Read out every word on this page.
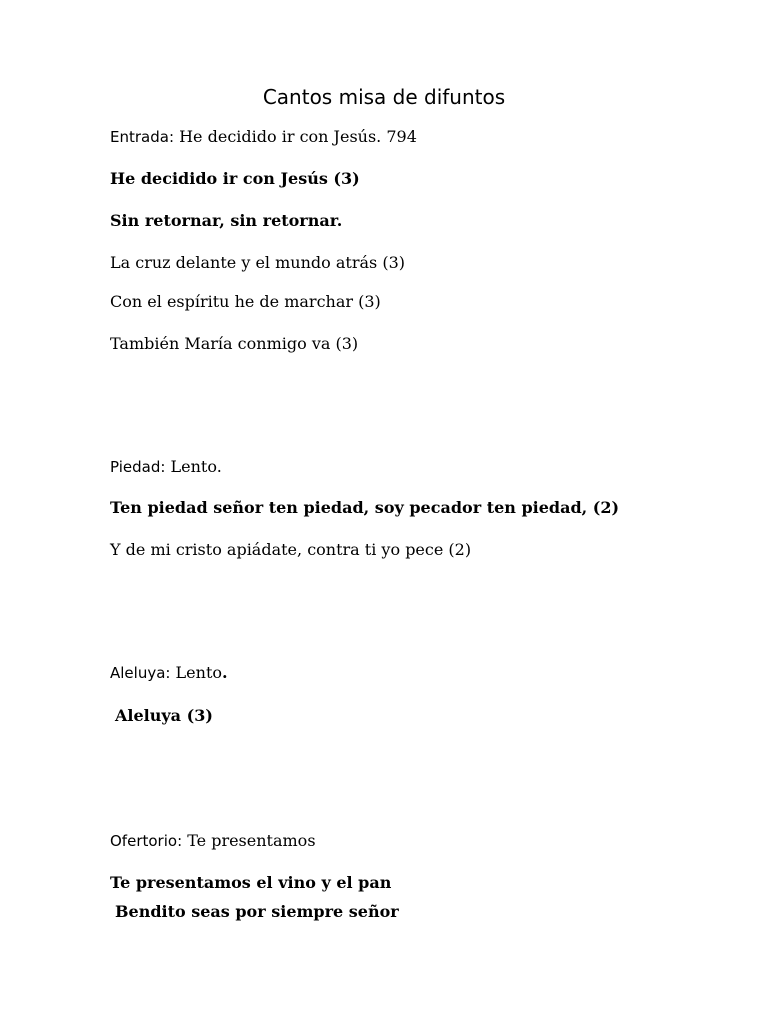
Cantos misa de difuntos
Entrada: He decidido ir con Jesús. 794
He decidido ir con Jesús (3)
Sin retornar, sin retornar.
La cruz delante y el mundo atrás (3)
Con el espíritu he de marchar (3)
También María conmigo va (3)
Piedad: Lento.
Ten piedad señor ten piedad, soy pecador ten piedad, (2)
Y de mi cristo apiádate, contra ti yo pece (2)
Aleluya: Lento.
Aleluya (3)
Ofertorio: Te presentamos
Te presentamos el vino y el pan
Bendito seas por siempre señor
